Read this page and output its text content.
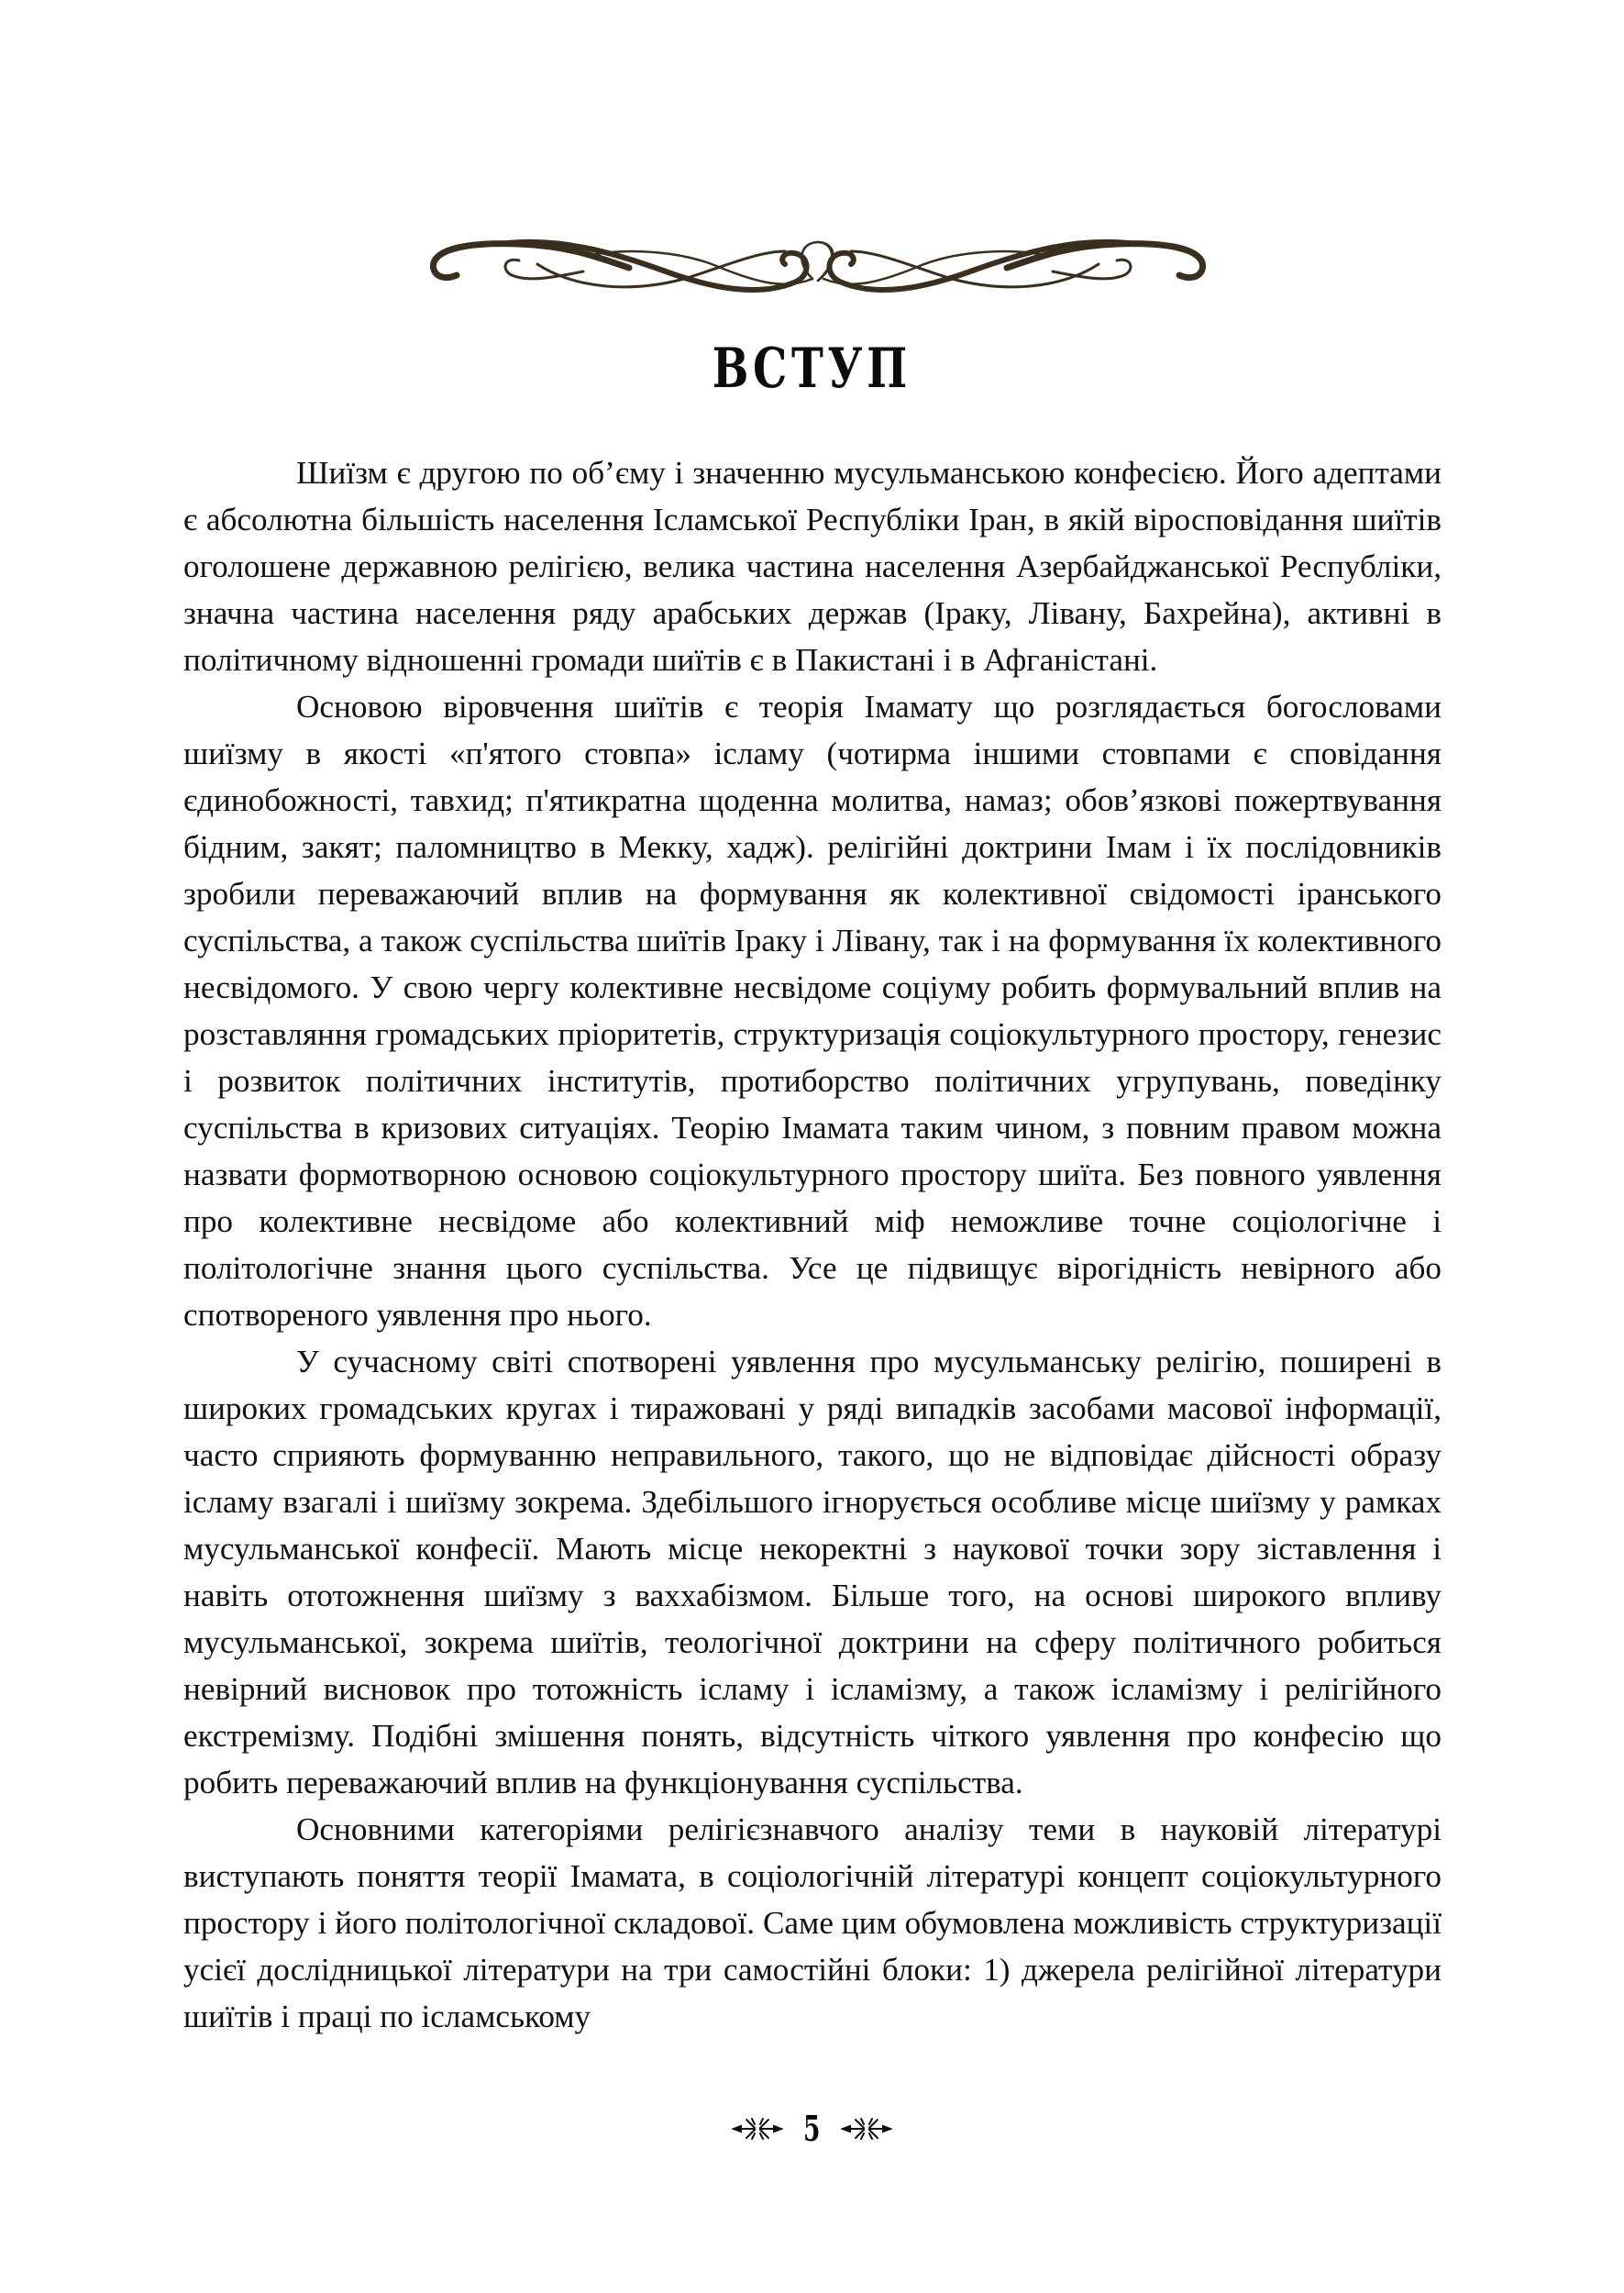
ВСТУП

Шиїзм є другою по об’єму і значенню мусульманською конфесією. Його адептами є абсолютна більшість населення Ісламської Республіки Іран, в якій віросповідання шиїтів оголошене державною релігією, велика частина населення Азербайджанської Республіки, значна частина населення ряду арабських держав (Іраку, Лівану, Бахрейна), активні в політичному відношенні громади шиїтів є в Пакистані і в Афганістані.

Основою віровчення шиїтів є теорія Імамату що розглядається богословами шиїзму в якості «п'ятого стовпа» ісламу (чотирма іншими стовпами є сповідання єдинобожності, тавхид; п'ятикратна щоденна молитва, намаз; обов’язкові пожертвування бідним, закят; паломництво в Мекку, хадж). релігійні доктрини Імам і їх послідовників зробили переважаючий вплив на формування як колективної свідомості іранського суспільства, а також суспільства шиїтів Іраку і Лівану, так і на формування їх колективного несвідомого. У свою чергу колективне несвідоме соціуму робить формувальний вплив на розставляння громадських пріоритетів, структуризація соціокультурного простору, генезис і розвиток політичних інститутів, протиборство політичних угрупувань, поведінку суспільства в кризових ситуаціях. Теорію Імамата таким чином, з повним правом можна назвати формотворною основою соціокультурного простору шиїта. Без повного уявлення про колективне несвідоме або колективний міф неможливе точне соціологічне і політологічне знання цього суспільства. Усе це підвищує вірогідність невірного або спотвореного уявлення про нього.

У сучасному світі спотворені уявлення про мусульманську релігію, поширені в широких громадських кругах і тиражовані у ряді випадків засобами масової інформації, часто сприяють формуванню неправильного, такого, що не відповідає дійсності образу ісламу взагалі і шиїзму зокрема. Здебільшого ігнорується особливе місце шиїзму у рамках мусульманської конфесії. Мають місце некоректні з наукової точки зору зіставлення і навіть ототожнення шиїзму з ваххабізмом. Більше того, на основі широкого впливу мусульманської, зокрема шиїтів, теологічної доктрини на сферу політичного робиться невірний висновок про тотожність ісламу і ісламізму, а також ісламізму і релігійного екстремізму. Подібні змішення понять, відсутність чіткого уявлення про конфесію що робить переважаючий вплив на функціонування суспільства.

Основними категоріями релігієзнавчого аналізу теми в науковій літературі виступають поняття теорії Імамата, в соціологічній літературі концепт соціокультурного простору і його політологічної складової. Саме цим обумовлена можливість структуризації усієї дослідницької літератури на три самостійні блоки: 1) джерела релігійної літератури шиїтів і праці по ісламському

5
